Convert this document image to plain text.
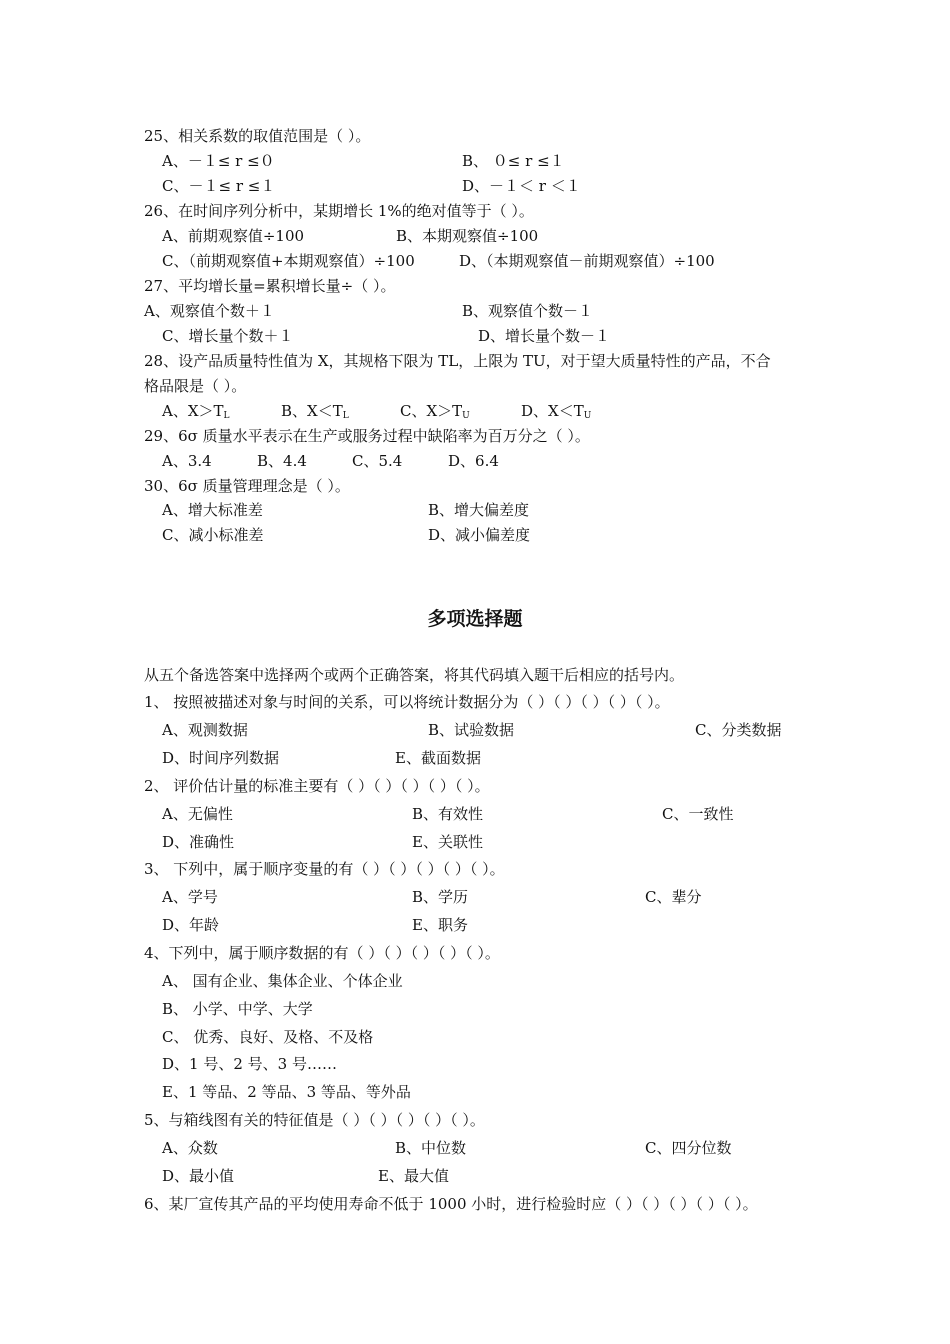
25、相关系数的取值范围是（ ）。
A、－１≤ r ≤０	B、 ０≤ r ≤１
C、－１≤ r ≤１	D、－１＜ r ＜１
26、在时间序列分析中，某期增长 1%的绝对值等于（ ）。
A、前期观察值÷100	B、本期观察值÷100
C、（前期观察值+本期观察值）÷100	D、（本期观察值－前期观察值）÷100
27、平均增长量=累积增长量÷（ ）。
A、观察值个数＋１	B、观察值个数－１
C、增长量个数＋１	D、增长量个数－１
28、设产品质量特性值为 X，其规格下限为 TL，上限为 TU，对于望大质量特性的产品，不合
格品限是（ ）。
A、$X>T_L$	B、$X<T_L$	C、$X>T_U$	D、$X<T_U$
29、6σ 质量水平表示在生产或服务过程中缺陷率为百万分之（ ）。
A、3.4	B、4.4	C、5.4	D、6.4
30、6σ 质量管理理念是（ ）。
A、增大标准差	B、增大偏差度
C、减小标准差	D、减小偏差度
多项选择题
从五个备选答案中选择两个或两个正确答案，将其代码填入题干后相应的括号内。
1、 按照被描述对象与时间的关系，可以将统计数据分为（ ）（ ）（ ）（ ）（ ）。
A、观测数据	B、试验数据	C、分类数据
D、时间序列数据	E、截面数据
2、 评价估计量的标准主要有（ ）（ ）（ ）（ ）（ ）。
A、无偏性	B、有效性	C、一致性
D、准确性	E、关联性
3、 下列中，属于顺序变量的有（ ）（ ）（ ）（ ）（ ）。
A、学号	B、学历	C、辈分
D、年龄	E、职务
4、下列中，属于顺序数据的有（ ）（ ）（ ）（ ）（ ）。
A、 国有企业、集体企业、个体企业
B、 小学、中学、大学
C、 优秀、良好、及格、不及格
D、1 号、2 号、3 号……
E、1 等品、2 等品、3 等品、等外品
5、与箱线图有关的特征值是（ ）（ ）（ ）（ ）（ ）。
A、众数	B、中位数	C、四分位数
D、最小值	E、最大值
6、某厂宣传其产品的平均使用寿命不低于 1000 小时，进行检验时应（ ）（ ）（ ）（ ）（ ）。
